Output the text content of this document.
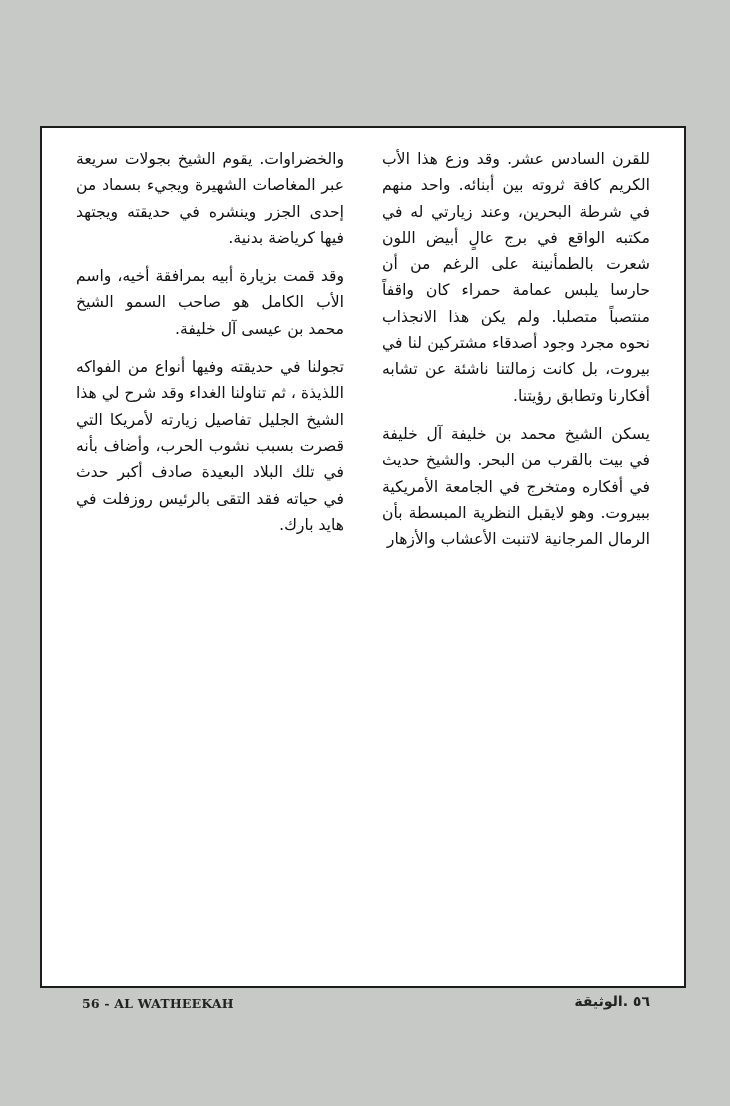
للقرن السادس عشر. وقد وزع هذا الأب الكريم كافة ثروته بين أبنائه. واحد منهم في شرطة البحرين، وعند زيارتي له في مكتبه الواقع في برج عالٍ أبيض اللون شعرت بالطمأنينة على الرغم من أن حارسا يلبس عمامة حمراء كان واقفاً منتصباً متصلبا. ولم يكن هذا الانجذاب نحوه مجرد وجود أصدقاء مشتركين لنا في بيروت، بل كانت زمالتنا ناشئة عن تشابه أفكارنا وتطابق رؤيتنا.

يسكن الشيخ محمد بن خليفة آل خليفة في بيت بالقرب من البحر. والشيخ حديث في أفكاره ومتخرج في الجامعة الأمريكية ببيروت. وهو لايقبل النظرية المبسطة بأن الرمال المرجانية لاتنبت الأعشاب والأزهار

والخضراوات. يقوم الشيخ بجولات سريعة عبر المغاصات الشهيرة ويجيء بسماد من إحدى الجزر وينشره في حديقته ويجتهد فيها كرياضة بدنية.

وقد قمت بزيارة أبيه بمرافقة أخيه، واسم الأب الكامل هو صاحب السمو الشيخ محمد بن عيسى آل خليفة.

تجولنا في حديقته وفيها أنواع من الفواكه اللذيذة ، ثم تناولنا الغداء وقد شرح لي هذا الشيخ الجليل تفاصيل زيارته لأمريكا التي قصرت بسبب نشوب الحرب، وأضاف بأنه في تلك البلاد البعيدة صادف أكبر حدث في حياته فقد التقى بالرئيس روزفلت في هايد بارك.

56 - AL WATHEEKAH	٥٦ .الوثيقة
